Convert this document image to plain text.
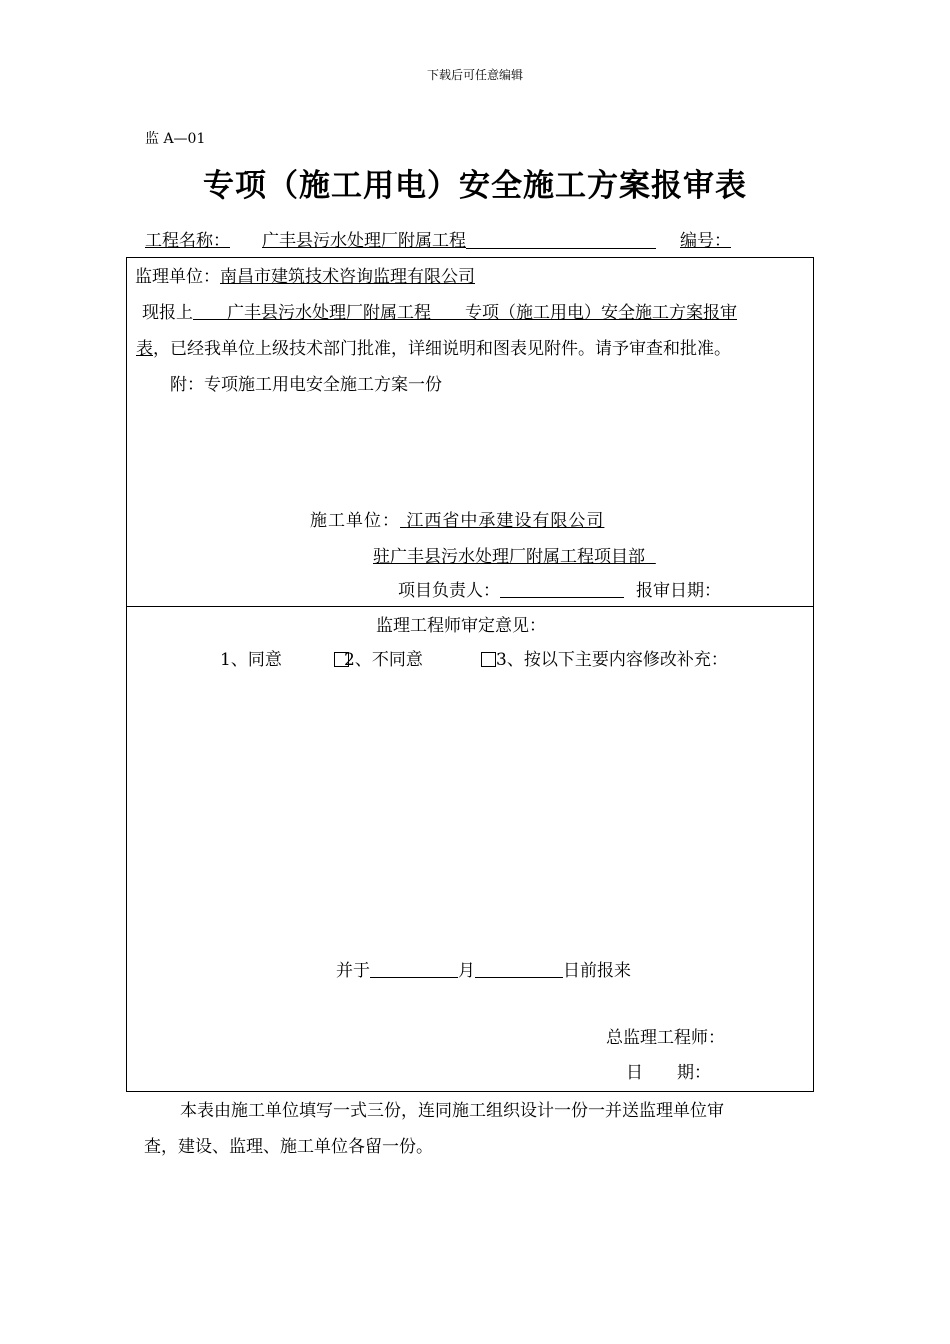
下载后可任意编辑
监 A—01
专项（施工用电）安全施工方案报审表
工程名称： 广丰县污水处理厂附属工程	编号：
监理单位：南昌市建筑技术咨询监理有限公司
现报上　　 广丰县污水处理厂附属工程　　 专项（施工用电）安全施工方案报审
表，已经我单位上级技术部门批准，详细说明和图表见附件。请予审查和批准。
附：专项施工用电安全施工方案一份
施工单位： 江西省中承建设有限公司
驻广丰县污水处理厂附属工程项目部
项目负责人：	报审日期：
监理工程师审定意见：
1、同意	2、不同意	3、按以下主要内容修改补充：
并于	月	日前报来
总监理工程师：
日　　期：
本表由施工单位填写一式三份，连同施工组织设计一份一并送监理单位审
查，建设、监理、施工单位各留一份。
